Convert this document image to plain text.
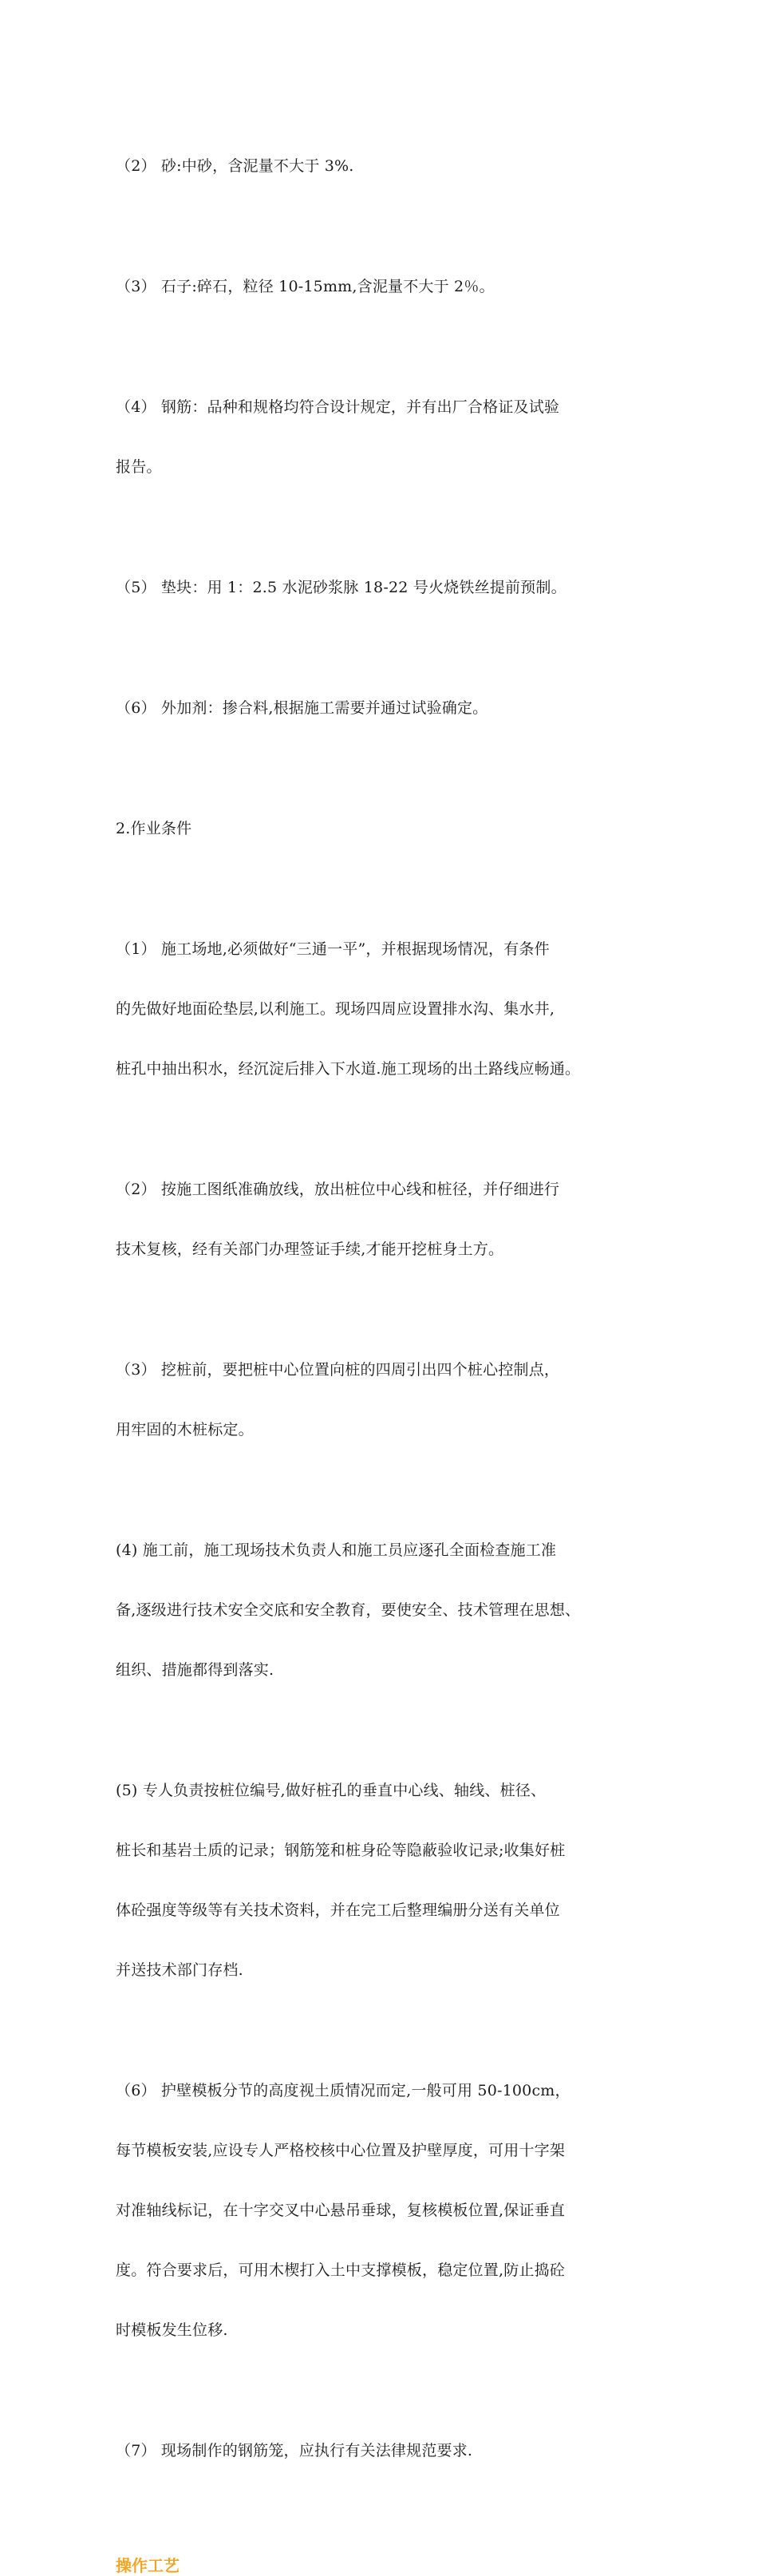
（2） 砂:中砂，含泥量不大于 3%.

（3） 石子:碎石，粒径 10-15mm,含泥量不大于 2％。

（4） 钢筋：品种和规格均符合设计规定，并有出厂合格证及试验

报告。

（5） 垫块：用 1：2.5 水泥砂浆脉 18-22 号火烧铁丝提前预制。

（6） 外加剂：掺合料,根据施工需要并通过试验确定。

2.作业条件

（1） 施工场地,必须做好“三通一平”，并根据现场情况，有条件

的先做好地面砼垫层,以利施工。现场四周应设置排水沟、集水井,

桩孔中抽出积水，经沉淀后排入下水道.施工现场的出土路线应畅通。

（2） 按施工图纸准确放线，放出桩位中心线和桩径，并仔细进行

技术复核，经有关部门办理签证手续,才能开挖桩身土方。

（3） 挖桩前，要把桩中心位置向桩的四周引出四个桩心控制点，

用牢固的木桩标定。

(4) 施工前，施工现场技术负责人和施工员应逐孔全面检查施工准

备,逐级进行技术安全交底和安全教育，要使安全、技术管理在思想、

组织、措施都得到落实.

(5) 专人负责按桩位编号,做好桩孔的垂直中心线、轴线、桩径、

桩长和基岩土质的记录；钢筋笼和桩身砼等隐蔽验收记录;收集好桩

体砼强度等级等有关技术资料，并在完工后整理编册分送有关单位

并送技术部门存档.

（6） 护壁模板分节的高度视土质情况而定,一般可用 50-100cm，

每节模板安装,应设专人严格校核中心位置及护壁厚度，可用十字架

对准轴线标记，在十字交叉中心悬吊垂球，复核模板位置,保证垂直

度。符合要求后，可用木楔打入土中支撑模板，稳定位置,防止捣砼

时模板发生位移.

（7） 现场制作的钢筋笼，应执行有关法律规范要求.

操作工艺
